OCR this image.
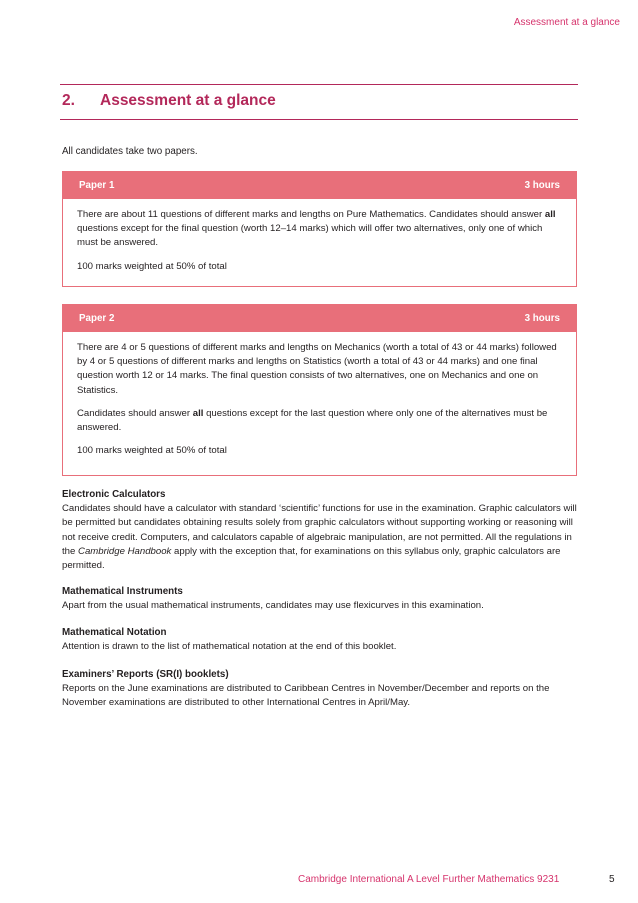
Assessment at a glance
2. Assessment at a glance
All candidates take two papers.
Paper 1	3 hours

There are about 11 questions of different marks and lengths on Pure Mathematics. Candidates should answer all questions except for the final question (worth 12–14 marks) which will offer two alternatives, only one of which must be answered.

100 marks weighted at 50% of total

Paper 2	3 hours

There are 4 or 5 questions of different marks and lengths on Mechanics (worth a total of 43 or 44 marks) followed by 4 or 5 questions of different marks and lengths on Statistics (worth a total of 43 or 44 marks) and one final question worth 12 or 14 marks. The final question consists of two alternatives, one on Mechanics and one on Statistics.

Candidates should answer all questions except for the last question where only one of the alternatives must be answered.

100 marks weighted at 50% of total

Electronic Calculators

Candidates should have a calculator with standard ‘scientific’ functions for use in the examination. Graphic calculators will be permitted but candidates obtaining results solely from graphic calculators without supporting working or reasoning will not receive credit. Computers, and calculators capable of algebraic manipulation, are not permitted. All the regulations in the Cambridge Handbook apply with the exception that, for examinations on this syllabus only, graphic calculators are permitted.

Mathematical Instruments

Apart from the usual mathematical instruments, candidates may use flexicurves in this examination.

Mathematical Notation

Attention is drawn to the list of mathematical notation at the end of this booklet.

Examiners’ Reports (SR(I) booklets)

Reports on the June examinations are distributed to Caribbean Centres in November/December and reports on the November examinations are distributed to other International Centres in April/May.

Cambridge International A Level Further Mathematics 9231	5
